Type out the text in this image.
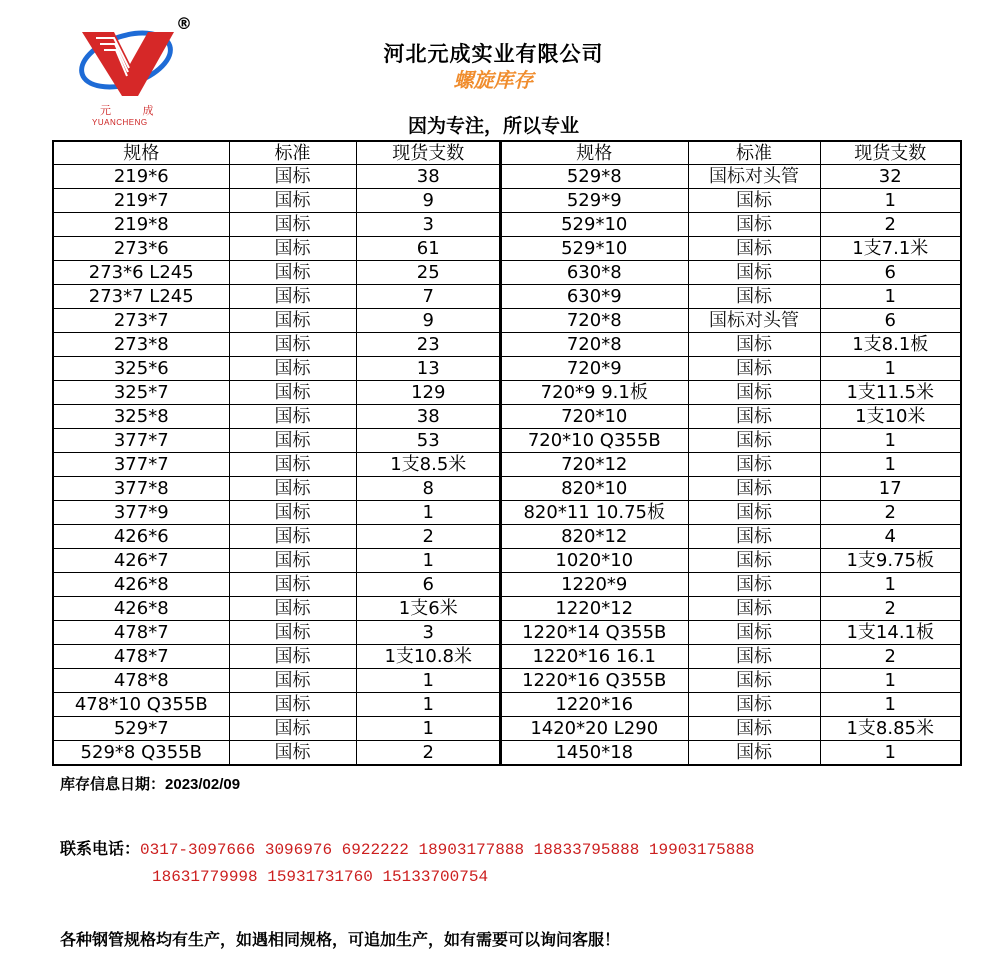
®
元 成
YUANCHENG
河北元成实业有限公司
螺旋库存
因为专注，所以专业
规格	标准	现货支数
219*6	国标	38
219*7	国标	9
219*8	国标	3
273*6	国标	61
273*6 L245	国标	25
273*7 L245	国标	7
273*7	国标	9
273*8	国标	23
325*6	国标	13
325*7	国标	129
325*8	国标	38
377*7	国标	53
377*7	国标	1支8.5米
377*8	国标	8
377*9	国标	1
426*6	国标	2
426*7	国标	1
426*8	国标	6
426*8	国标	1支6米
478*7	国标	3
478*7	国标	1支10.8米
478*8	国标	1
478*10 Q355B	国标	1
529*7	国标	1
529*8 Q355B	国标	2
规格	标准	现货支数
529*8	国标对头管	32
529*9	国标	1
529*10	国标	2
529*10	国标	1支7.1米
630*8	国标	6
630*9	国标	1
720*8	国标对头管	6
720*8	国标	1支8.1板
720*9	国标	1
720*9 9.1板	国标	1支11.5米
720*10	国标	1支10米
720*10 Q355B	国标	1
720*12	国标	1
820*10	国标	17
820*11 10.75板	国标	2
820*12	国标	4
1020*10	国标	1支9.75板
1220*9	国标	1
1220*12	国标	2
1220*14 Q355B	国标	1支14.1板
1220*16 16.1	国标	2
1220*16 Q355B	国标	1
1220*16	国标	1
1420*20 L290	国标	1支8.85米
1450*18	国标	1
库存信息日期：2023/02/09
联系电话：0317-3097666 3096976 6922222 18903177888 18833795888 19903175888
18631779998 15931731760 15133700754
各种钢管规格均有生产，如遇相同规格，可追加生产，如有需要可以询问客服！
